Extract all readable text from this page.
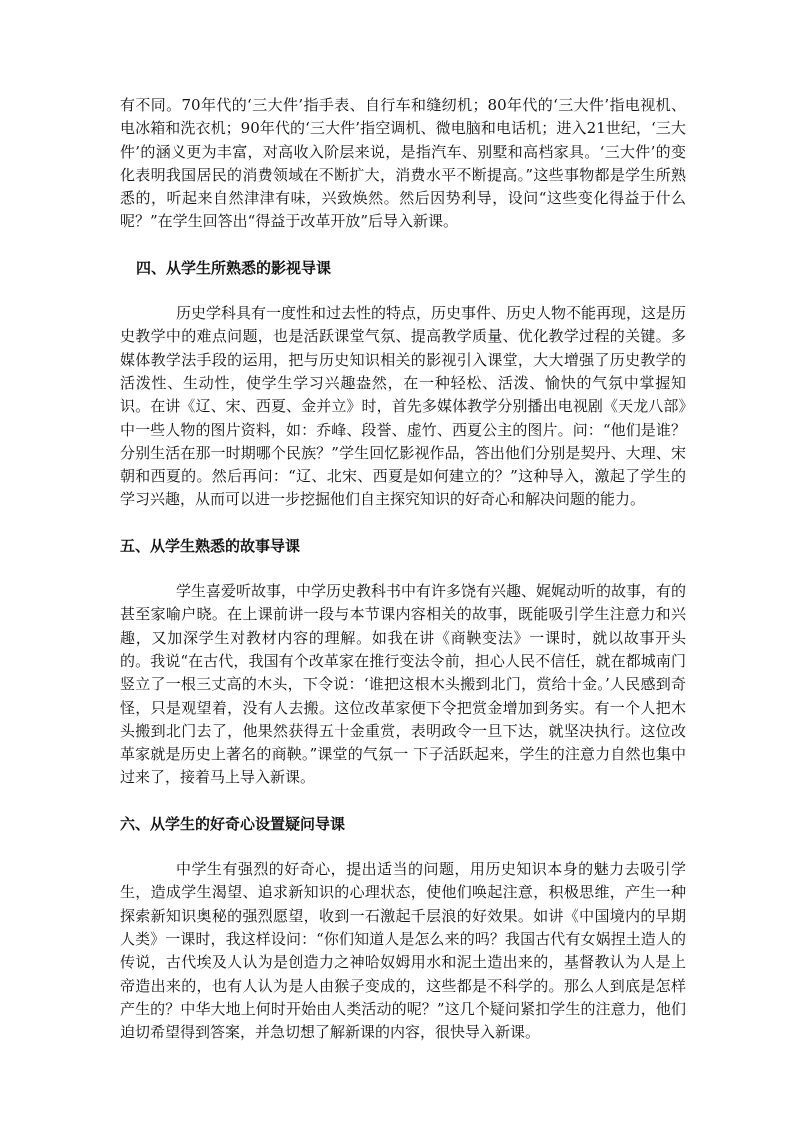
有不同。70年代的‘三大件’指手表、自行车和缝纫机；80年代的‘三大件’指电视机、电冰箱和洗衣机；90年代的‘三大件’指空调机、微电脑和电话机；进入21世纪，‘三大件’的涵义更为丰富，对高收入阶层来说，是指汽车、别墅和高档家具。‘三大件’的变化表明我国居民的消费领域在不断扩大，消费水平不断提高。”这些事物都是学生所熟悉的，听起来自然津津有味，兴致焕然。然后因势利导，设问“这些变化得益于什么呢？”在学生回答出“得益于改革开放”后导入新课。

四、从学生所熟悉的影视导课

历史学科具有一度性和过去性的特点，历史事件、历史人物不能再现，这是历史教学中的难点问题，也是活跃课堂气氛、提高教学质量、优化教学过程的关键。多媒体教学法手段的运用，把与历史知识相关的影视引入课堂，大大增强了历史教学的活泼性、生动性，使学生学习兴趣盎然，在一种轻松、活泼、愉快的气氛中掌握知识。在讲《辽、宋、西夏、金并立》时，首先多媒体教学分别播出电视剧《天龙八部》中一些人物的图片资料，如：乔峰、段誉、虚竹、西夏公主的图片。问：“他们是谁？分别生活在那一时期哪个民族？”学生回忆影视作品，答出他们分别是契丹、大理、宋朝和西夏的。然后再问：“辽、北宋、西夏是如何建立的？”这种导入，激起了学生的学习兴趣，从而可以进一步挖掘他们自主探究知识的好奇心和解决问题的能力。

五、从学生熟悉的故事导课

学生喜爱听故事，中学历史教科书中有许多饶有兴趣、娓娓动听的故事，有的甚至家喻户晓。在上课前讲一段与本节课内容相关的故事，既能吸引学生注意力和兴趣，又加深学生对教材内容的理解。如我在讲《商鞅变法》一课时，就以故事开头的。我说“在古代，我国有个改革家在推行变法令前，担心人民不信任，就在都城南门竖立了一根三丈高的木头，下令说：‘谁把这根木头搬到北门，赏给十金。’人民感到奇怪，只是观望着，没有人去搬。这位改革家便下令把赏金增加到务实。有一个人把木头搬到北门去了，他果然获得五十金重赏，表明政令一旦下达，就坚决执行。这位改革家就是历史上著名的商鞅。”课堂的气氛一 下子活跃起来，学生的注意力自然也集中过来了，接着马上导入新课。

六、从学生的好奇心设置疑问导课

中学生有强烈的好奇心，提出适当的问题，用历史知识本身的魅力去吸引学生，造成学生渴望、追求新知识的心理状态，使他们唤起注意，积极思维，产生一种探索新知识奥秘的强烈愿望，收到一石激起千层浪的好效果。如讲《中国境内的早期人类》一课时，我这样设问：“你们知道人是怎么来的吗？我国古代有女娲捏土造人的传说，古代埃及人认为是创造力之神哈奴姆用水和泥土造出来的，基督教认为人是上帝造出来的，也有人认为是人由猴子变成的，这些都是不科学的。那么人到底是怎样产生的？中华大地上何时开始由人类活动的呢？”这几个疑问紧扣学生的注意力，他们迫切希望得到答案，并急切想了解新课的内容，很快导入新课。
